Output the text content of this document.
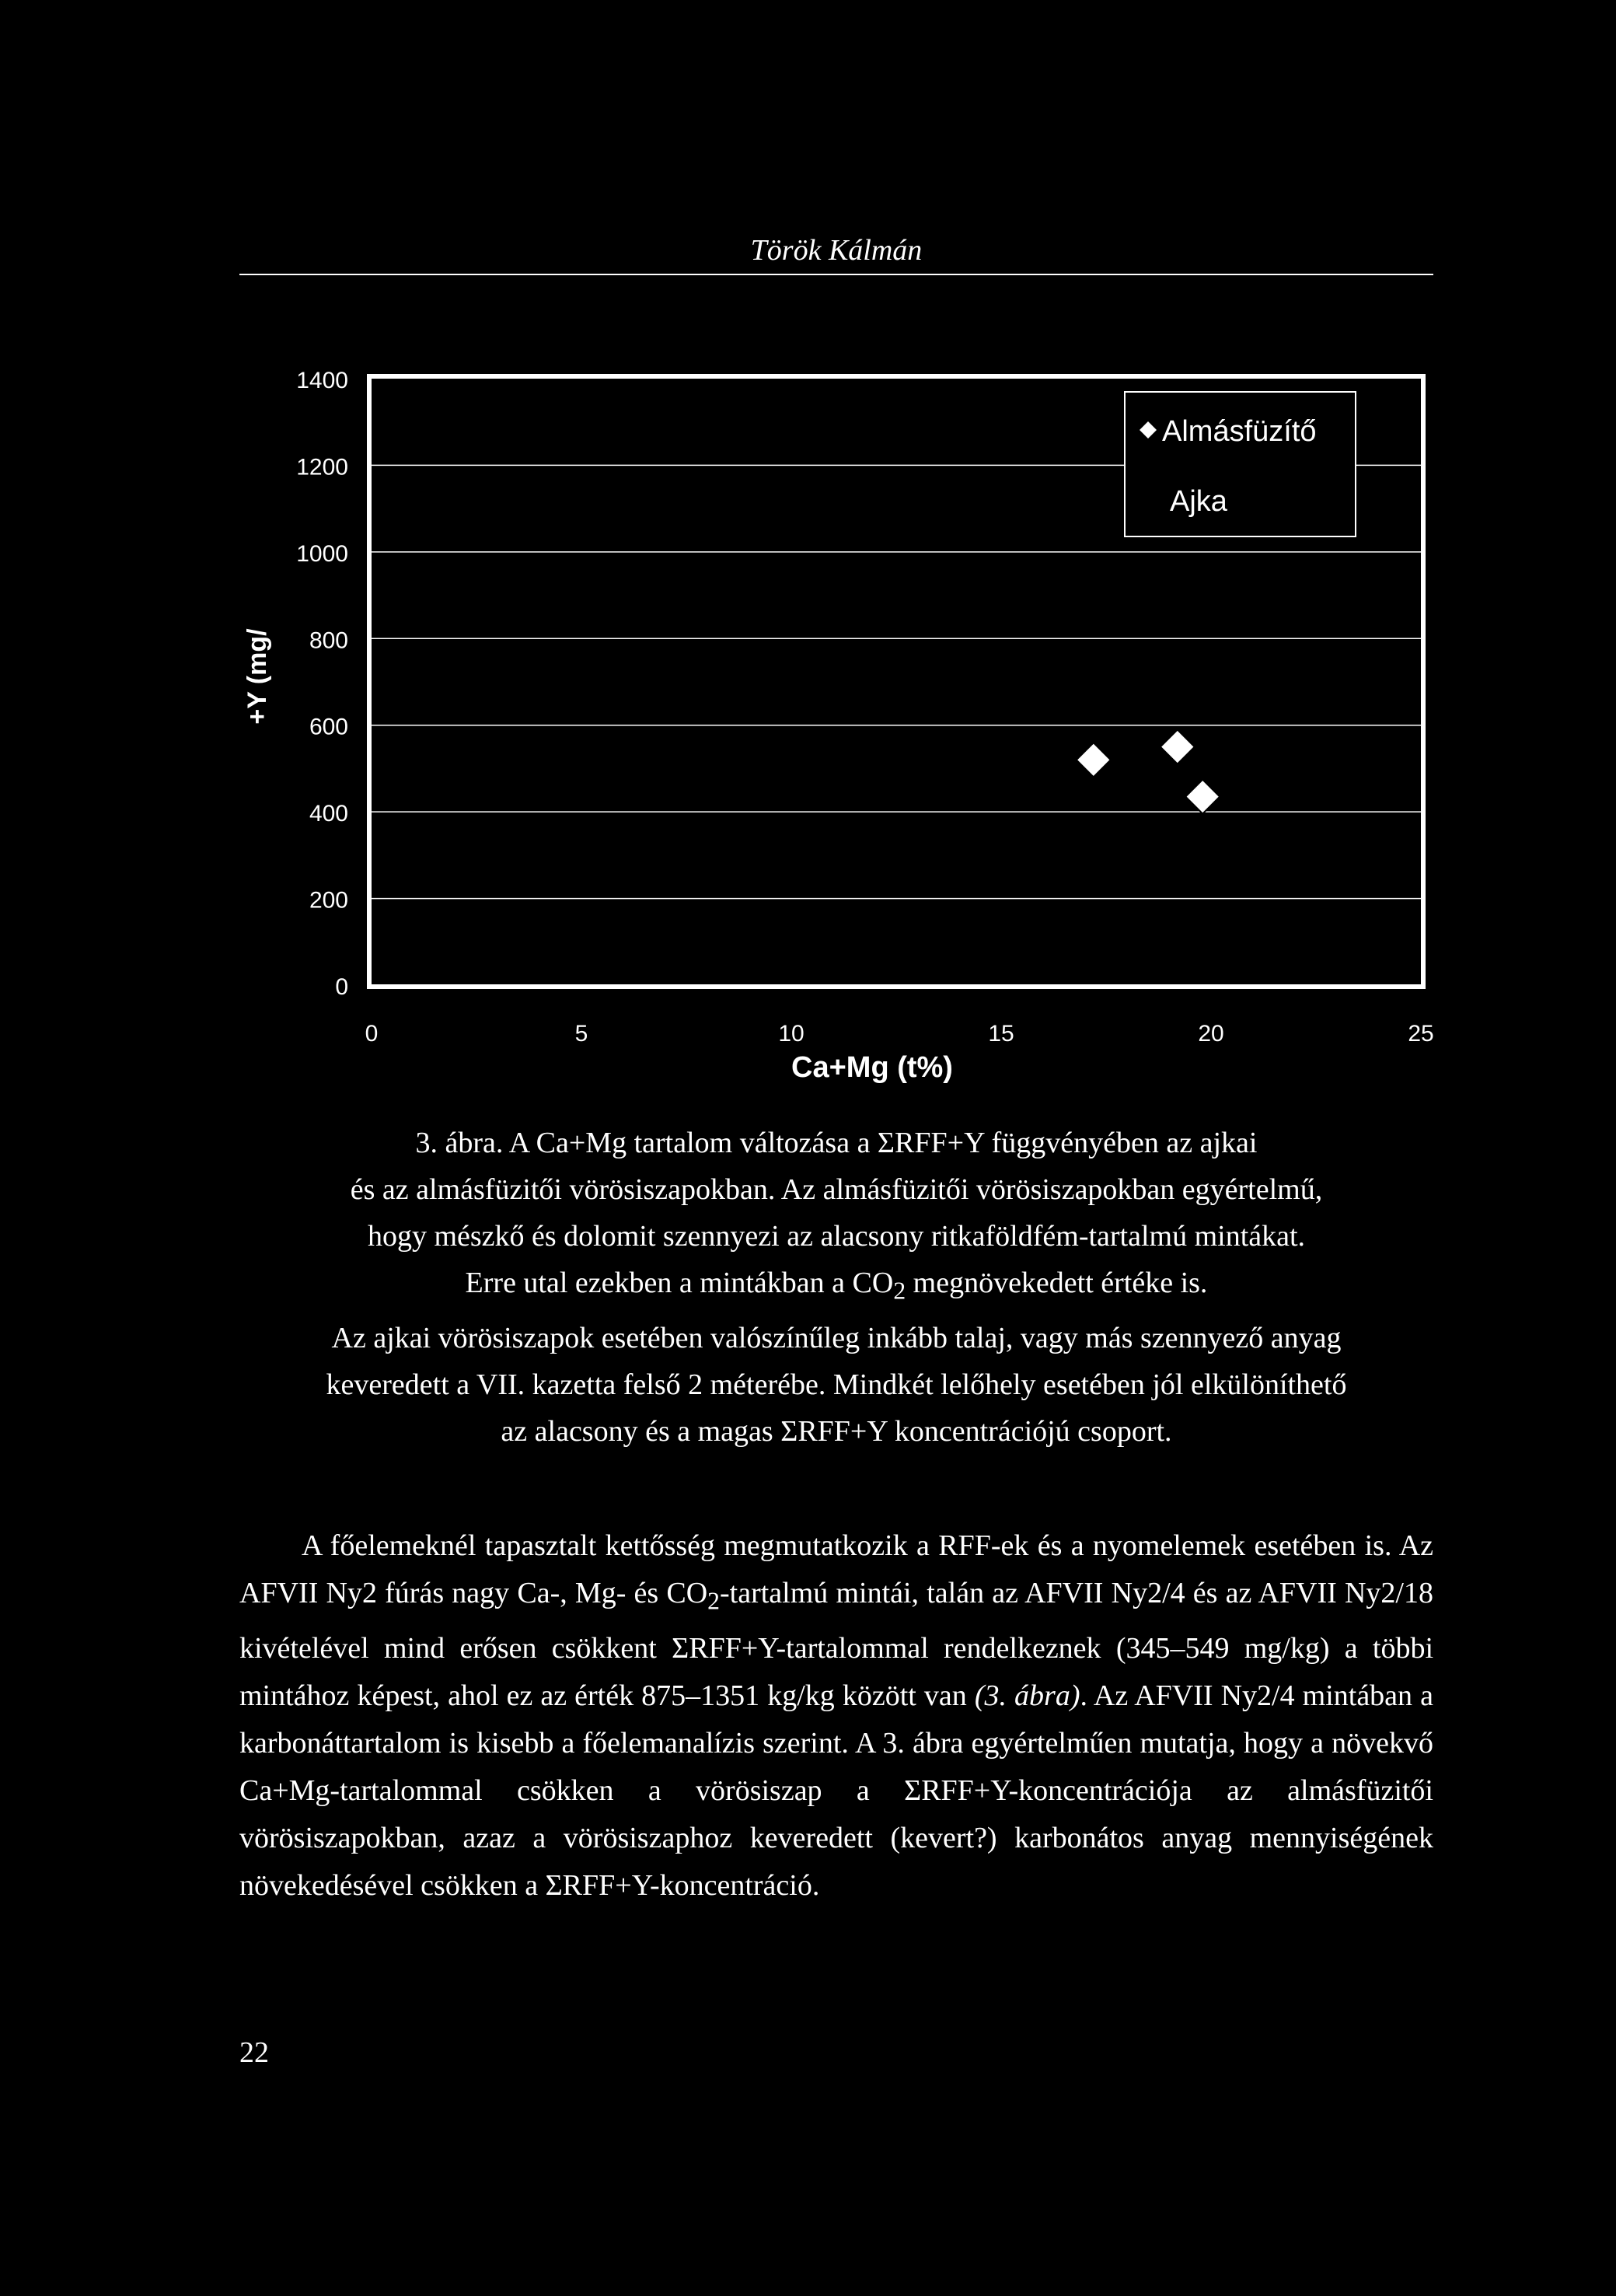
Török Kálmán
0
200
400
600
800
1000
1200
1400
0	5	10	15	20	25
+Y (mg/
Ca+Mg (t%)
Almásfüzítő
Ajka

3. ábra. A Ca+Mg tartalom változása a ΣRFF+Y függvényében az ajkai

és az almásfüzitői vörösiszapokban. Az almásfüzitői vörösiszapokban egyértelmű,

hogy mészkő és dolomit szennyezi az alacsony ritkaföldfém-tartalmú mintákat.

Erre utal ezekben a mintákban a $CO_2$ megnövekedett értéke is.

Az ajkai vörösiszapok esetében valószínűleg inkább talaj, vagy más szennyező anyag

keveredett a VII. kazetta felső 2 méterébe. Mindkét lelőhely esetében jól elkülöníthető

az alacsony és a magas ΣRFF+Y koncentrációjú csoport.

A főelemeknél tapasztalt kettősség megmutatkozik a RFF-ek és a nyomelemek esetében is. Az AFVII Ny2 fúrás nagy Ca-, Mg- és $CO_2$-tartalmú mintái, talán az AFVII Ny2/4 és az AFVII Ny2/18 kivételével mind erősen csökkent ΣRFF+Y-tartalommal rendelkeznek (345–549 mg/kg) a többi mintához képest, ahol ez az érték 875–1351 kg/kg között van (3. ábra). Az AFVII Ny2/4 mintában a karbonáttartalom is kisebb a főelemanalízis szerint. A 3. ábra egyértelműen mutatja, hogy a növekvő Ca+Mg-tartalommal csökken a vörösiszap a ΣRFF+Y-koncentrációja az almásfüzitői vörösiszapokban, azaz a vörösiszaphoz keveredett (kevert?) karbonátos anyag mennyiségének növekedésével csökken a ΣRFF+Y-koncentráció.

22
